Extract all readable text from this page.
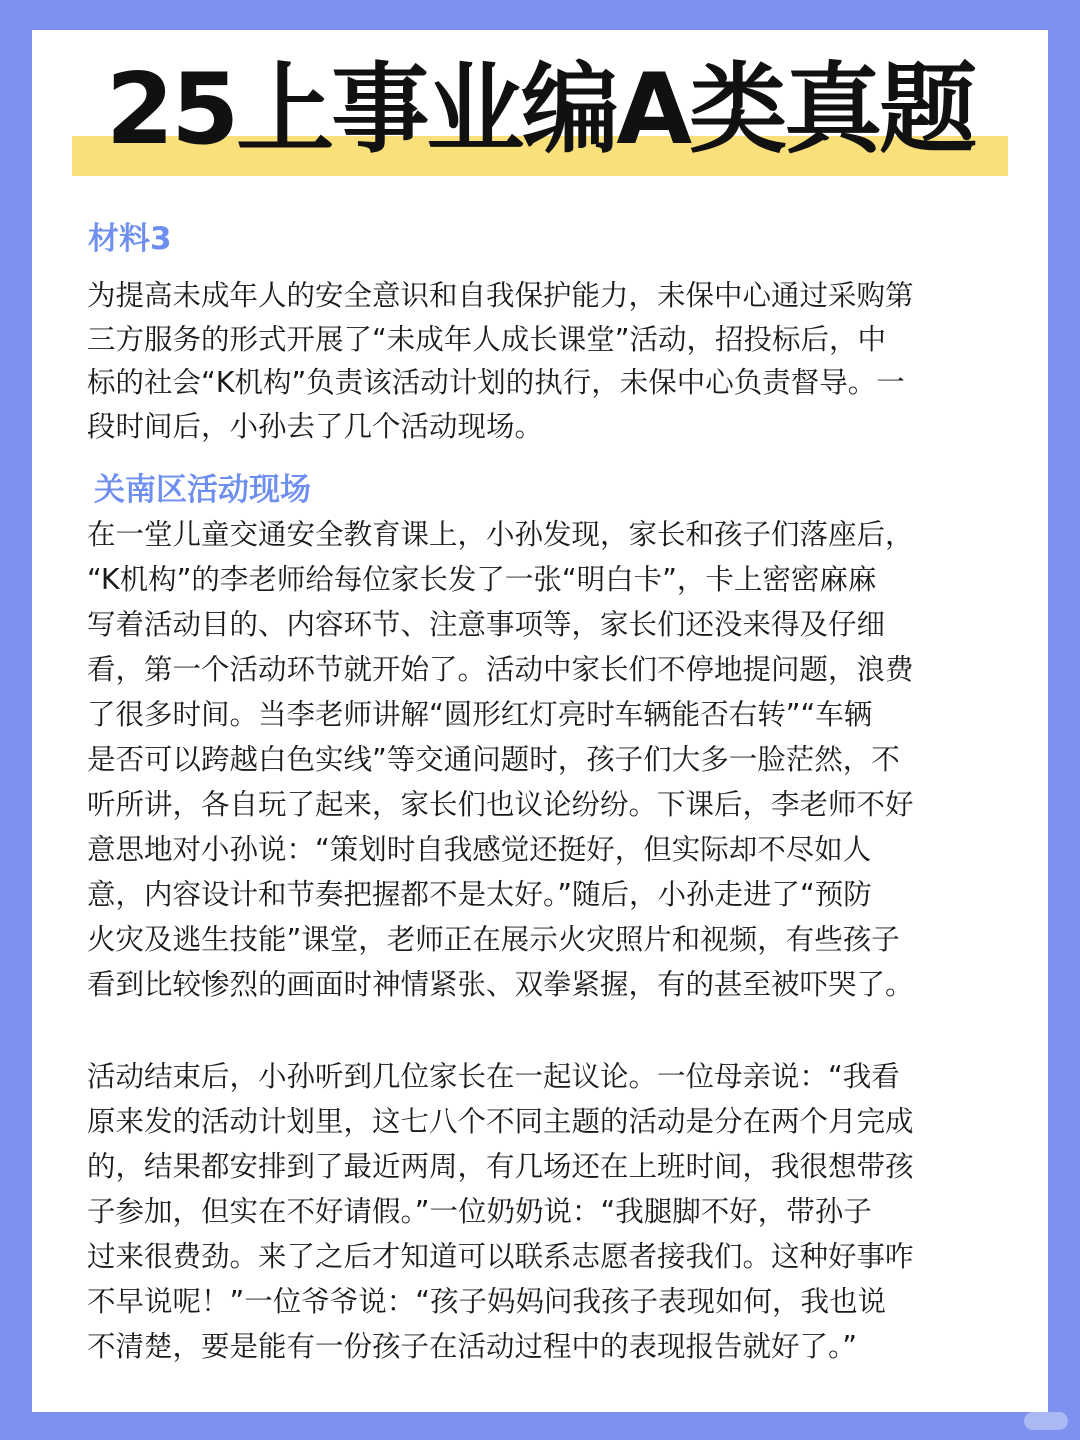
25上事业编A类真题
材料3
为提高未成年人的安全意识和自我保护能力，未保中心通过采购第
三方服务的形式开展了“未成年人成长课堂”活动，招投标后，中
标的社会“K机构”负责该活动计划的执行，未保中心负责督导。一
段时间后，小孙去了几个活动现场。
关南区活动现场
在一堂儿童交通安全教育课上，小孙发现，家长和孩子们落座后，
“K机构”的李老师给每位家长发了一张“明白卡”，卡上密密麻麻
写着活动目的、内容环节、注意事项等，家长们还没来得及仔细
看，第一个活动环节就开始了。活动中家长们不停地提问题，浪费
了很多时间。当李老师讲解“圆形红灯亮时车辆能否右转”“车辆
是否可以跨越白色实线”等交通问题时，孩子们大多一脸茫然，不
听所讲，各自玩了起来，家长们也议论纷纷。下课后，李老师不好
意思地对小孙说：“策划时自我感觉还挺好，但实际却不尽如人
意，内容设计和节奏把握都不是太好。”随后，小孙走进了“预防
火灾及逃生技能”课堂，老师正在展示火灾照片和视频，有些孩子
看到比较惨烈的画面时神情紧张、双拳紧握，有的甚至被吓哭了。
活动结束后，小孙听到几位家长在一起议论。一位母亲说：“我看
原来发的活动计划里，这七八个不同主题的活动是分在两个月完成
的，结果都安排到了最近两周，有几场还在上班时间，我很想带孩
子参加，但实在不好请假。”一位奶奶说：“我腿脚不好，带孙子
过来很费劲。来了之后才知道可以联系志愿者接我们。这种好事咋
不早说呢！”一位爷爷说：“孩子妈妈问我孩子表现如何，我也说
不清楚，要是能有一份孩子在活动过程中的表现报告就好了。”
